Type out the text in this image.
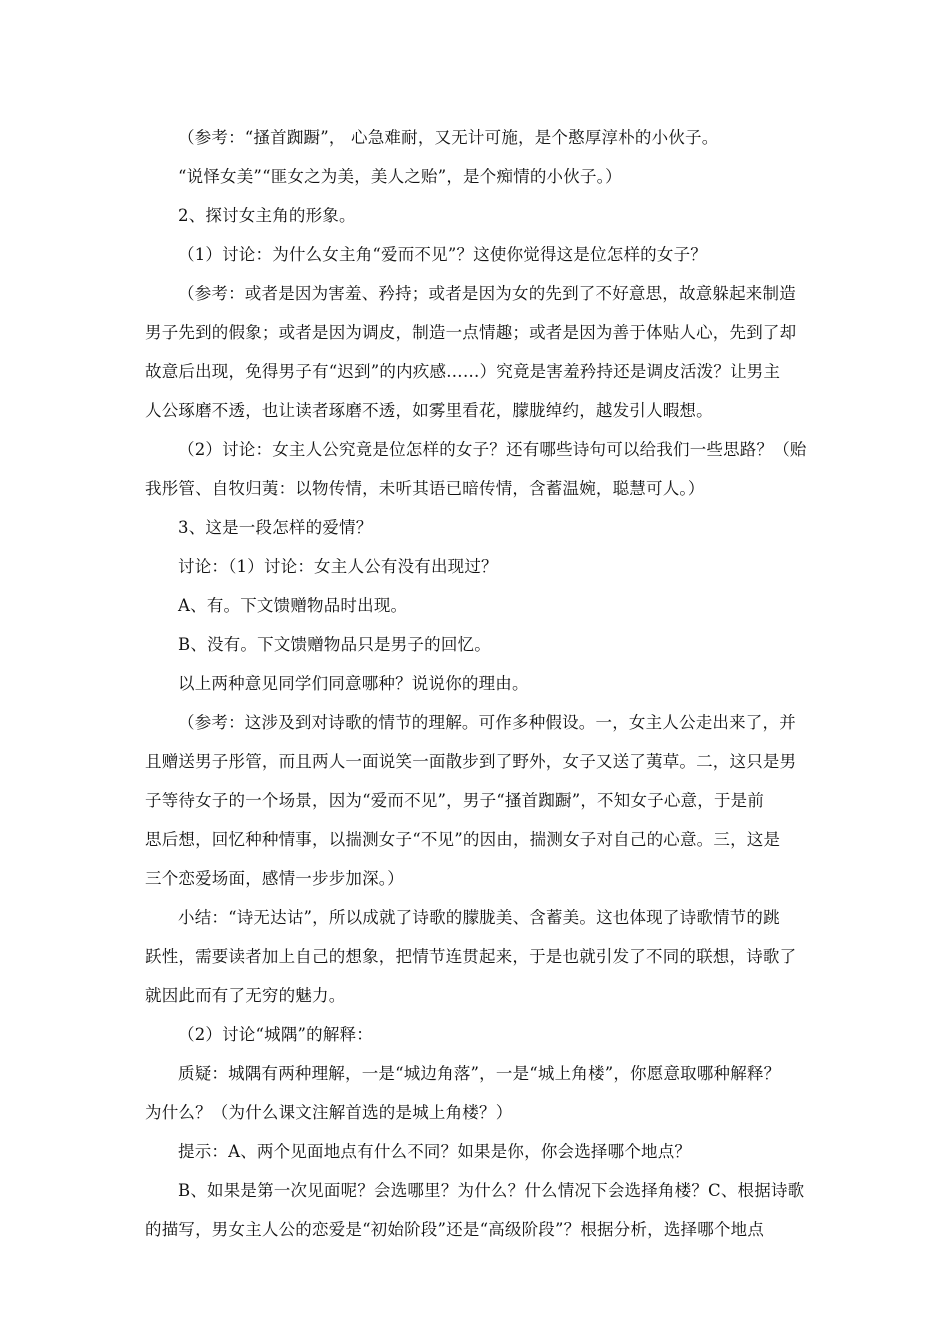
（参考：“搔首踟蹰”， 心急难耐，又无计可施，是个憨厚淳朴的小伙子。
“说怿女美”“匪女之为美，美人之贻”，是个痴情的小伙子。）
2、探讨女主角的形象。
（1）讨论：为什么女主角“爱而不见”？这使你觉得这是位怎样的女子？
（参考：或者是因为害羞、矜持；或者是因为女的先到了不好意思，故意躲起来制造
男子先到的假象；或者是因为调皮，制造一点情趣；或者是因为善于体贴人心，先到了却
故意后出现，免得男子有“迟到”的内疚感……）究竟是害羞矜持还是调皮活泼？让男主
人公琢磨不透，也让读者琢磨不透，如雾里看花，朦胧绰约，越发引人暇想。
（2）讨论：女主人公究竟是位怎样的女子？还有哪些诗句可以给我们一些思路？（贻
我彤管、自牧归荑：以物传情，未听其语已暗传情，含蓄温婉，聪慧可人。）
3、这是一段怎样的爱情？
讨论：（1）讨论：女主人公有没有出现过？
A、有。下文馈赠物品时出现。
B、没有。下文馈赠物品只是男子的回忆。
以上两种意见同学们同意哪种？说说你的理由。
（参考：这涉及到对诗歌的情节的理解。可作多种假设。一，女主人公走出来了，并
且赠送男子彤管，而且两人一面说笑一面散步到了野外，女子又送了荑草。二，这只是男
子等待女子的一个场景，因为“爱而不见”，男子“搔首踟蹰”，不知女子心意，于是前
思后想，回忆种种情事，以揣测女子“不见”的因由，揣测女子对自己的心意。三，这是
三个恋爱场面，感情一步步加深。）
小结：“诗无达诂”，所以成就了诗歌的朦胧美、含蓄美。这也体现了诗歌情节的跳
跃性，需要读者加上自己的想象，把情节连贯起来，于是也就引发了不同的联想，诗歌了
就因此而有了无穷的魅力。
（2）讨论“城隅”的解释：
质疑：城隅有两种理解，一是“城边角落”，一是“城上角楼”，你愿意取哪种解释？
为什么？（为什么课文注解首选的是城上角楼？）
提示：A、两个见面地点有什么不同？如果是你，你会选择哪个地点？
B、如果是第一次见面呢？会选哪里？为什么？什么情况下会选择角楼？C、根据诗歌
的描写，男女主人公的恋爱是“初始阶段”还是“高级阶段”？根据分析，选择哪个地点
